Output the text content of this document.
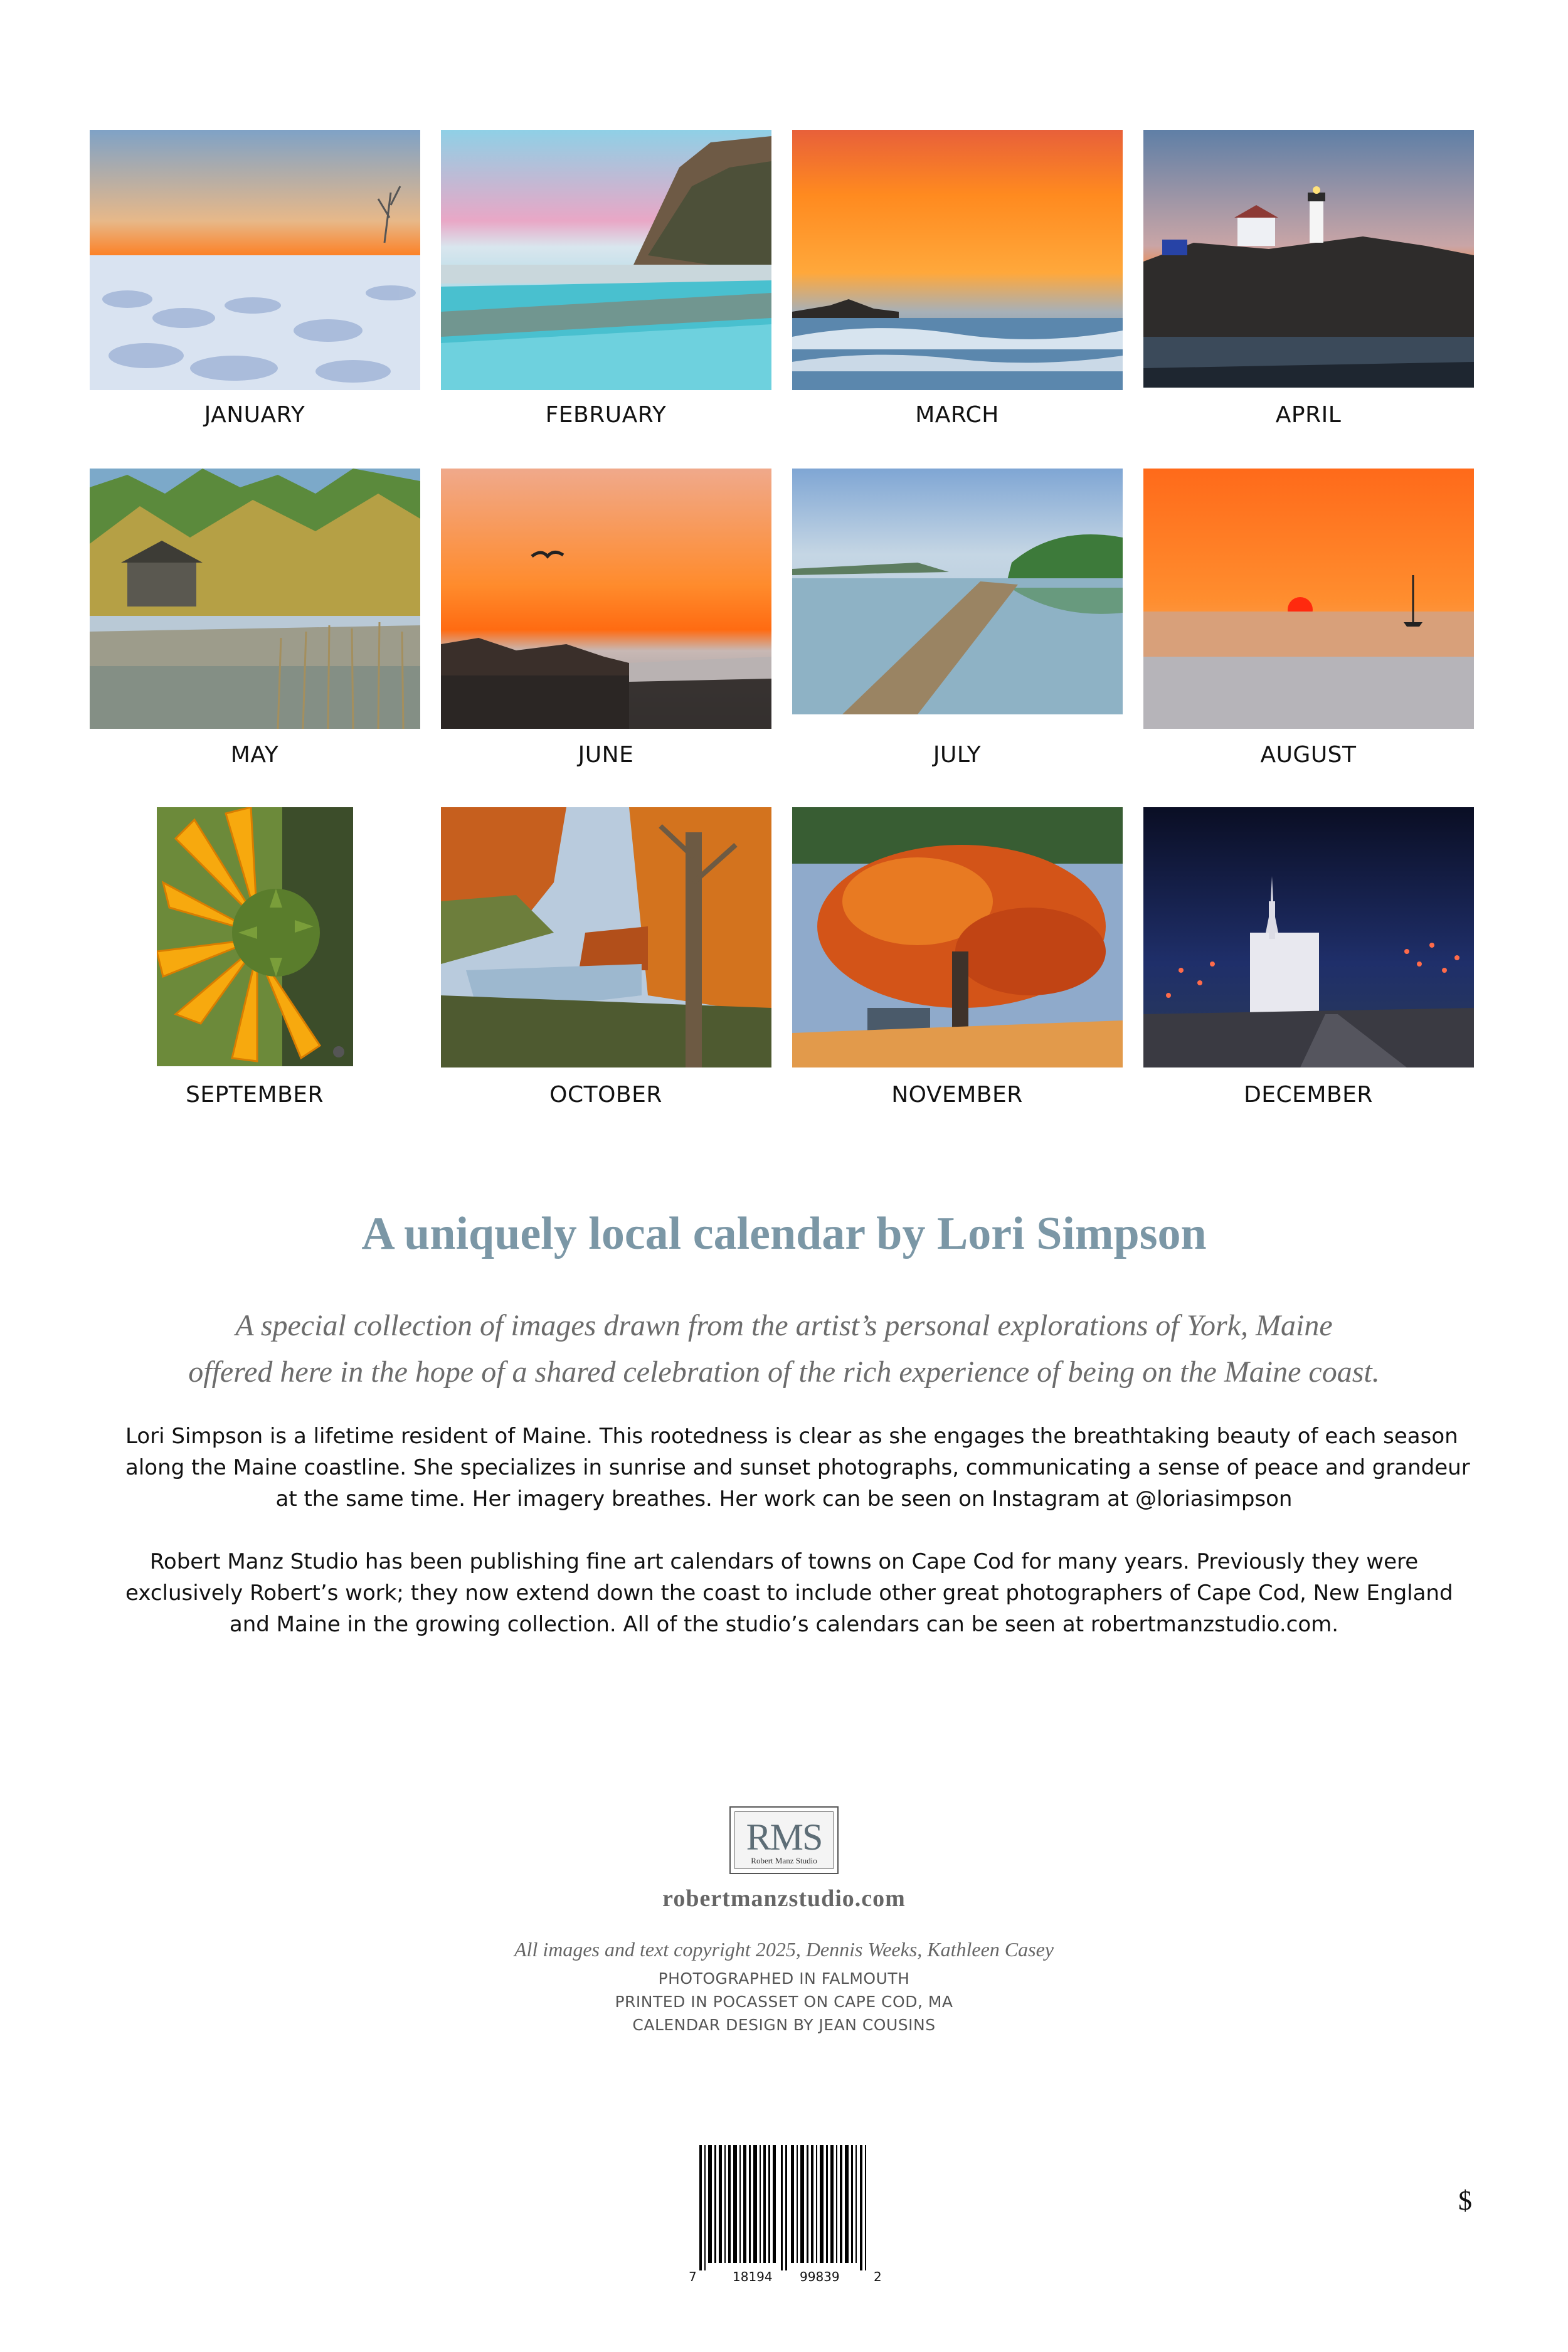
JANUARY	FEBRUARY	MARCH	APRIL
MAY	JUNE	JULY	AUGUST
SEPTEMBER	OCTOBER	NOVEMBER	DECEMBER
A uniquely local calendar by Lori Simpson
A special collection of images drawn from the artist’s personal explorations of York, Maine
offered here in the hope of a shared celebration of the rich experience of being on the Maine coast.
Lori Simpson is a lifetime resident of Maine. This rootedness is clear as she engages the breathtaking beauty of each season
along the Maine coastline. She specializes in sunrise and sunset photographs, communicating a sense of peace and grandeur
at the same time. Her imagery breathes. Her work can be seen on Instagram at @loriasimpson
Robert Manz Studio has been publishing fine art calendars of towns on Cape Cod for many years. Previously they were
exclusively Robert’s work; they now extend down the coast to include other great photographers of Cape Cod, New England
and Maine in the growing collection. All of the studio’s calendars can be seen at robertmanzstudio.com.
RMS
Robert Manz Studio
robertmanzstudio.com
All images and text copyright 2025, Dennis Weeks, Kathleen Casey
PHOTOGRAPHED IN FALMOUTH
PRINTED IN POCASSET ON CAPE COD, MA
CALENDAR DESIGN BY JEAN COUSINS
7	18194 99839	2
$
